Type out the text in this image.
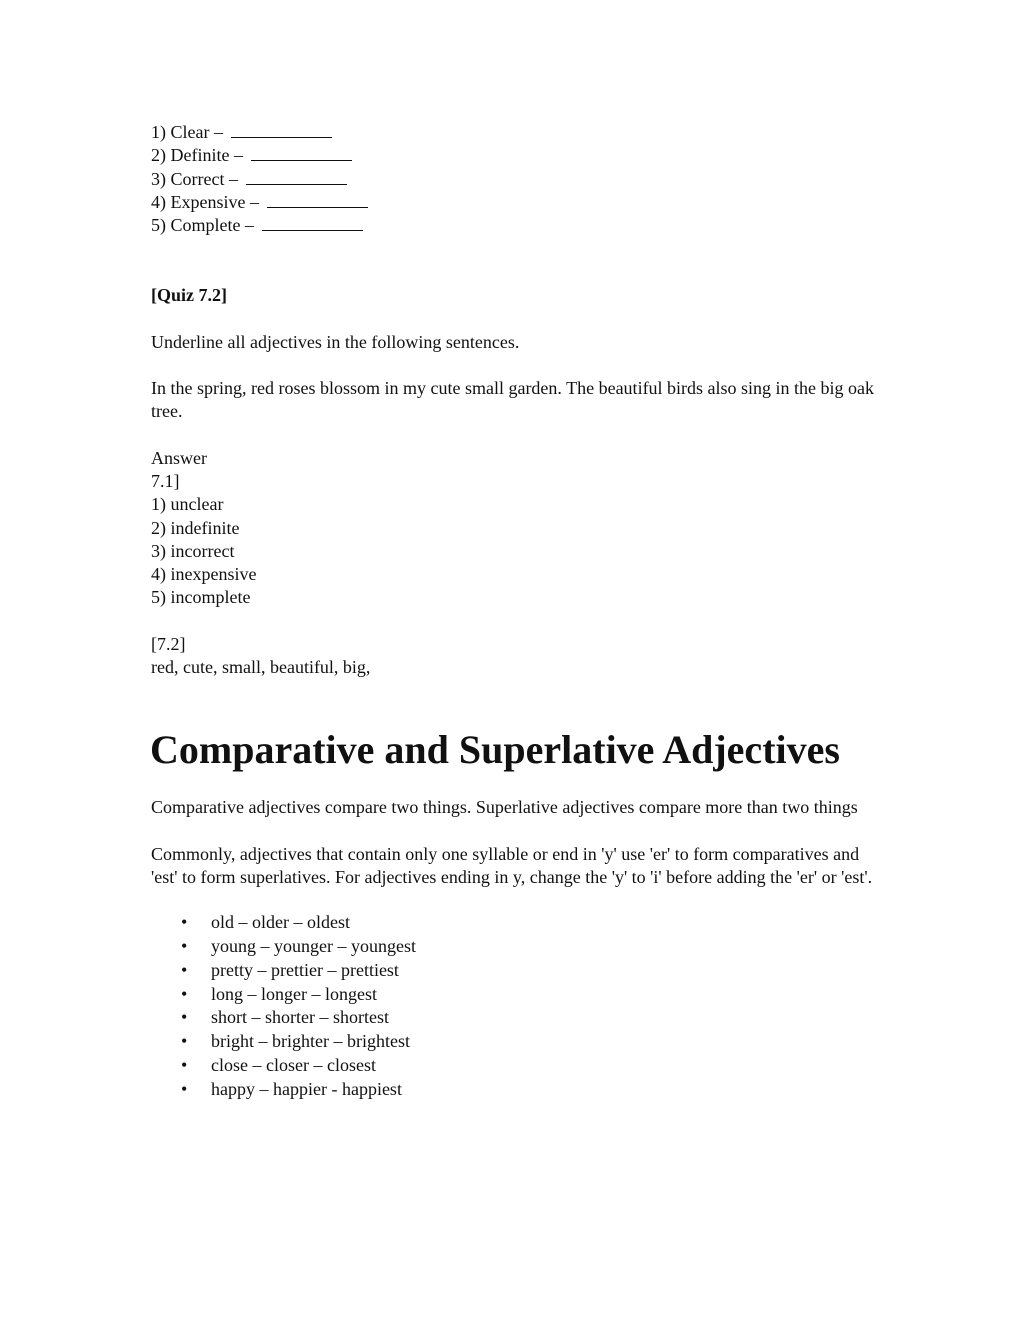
1) Clear –
2) Definite –
3) Correct –
4) Expensive –
5) Complete –

[Quiz 7.2]

Underline all adjectives in the following sentences.

In the spring, red roses blossom in my cute small garden. The beautiful birds also sing in the big oak tree.

Answer
7.1]
1) unclear
2) indefinite
3) incorrect
4) inexpensive
5) incomplete
[7.2]
red, cute, small, beautiful, big,
Comparative and Superlative Adjectives

Comparative adjectives compare two things. Superlative adjectives compare more than two things

Commonly, adjectives that contain only one syllable or end in 'y' use 'er' to form comparatives and 'est' to form superlatives. For adjectives ending in y, change the 'y' to 'i' before adding the 'er' or 'est'.

• old – older – oldest
• young – younger – youngest
• pretty – prettier – prettiest
• long – longer – longest
• short – shorter – shortest
• bright – brighter – brightest
• close – closer – closest
• happy – happier - happiest
